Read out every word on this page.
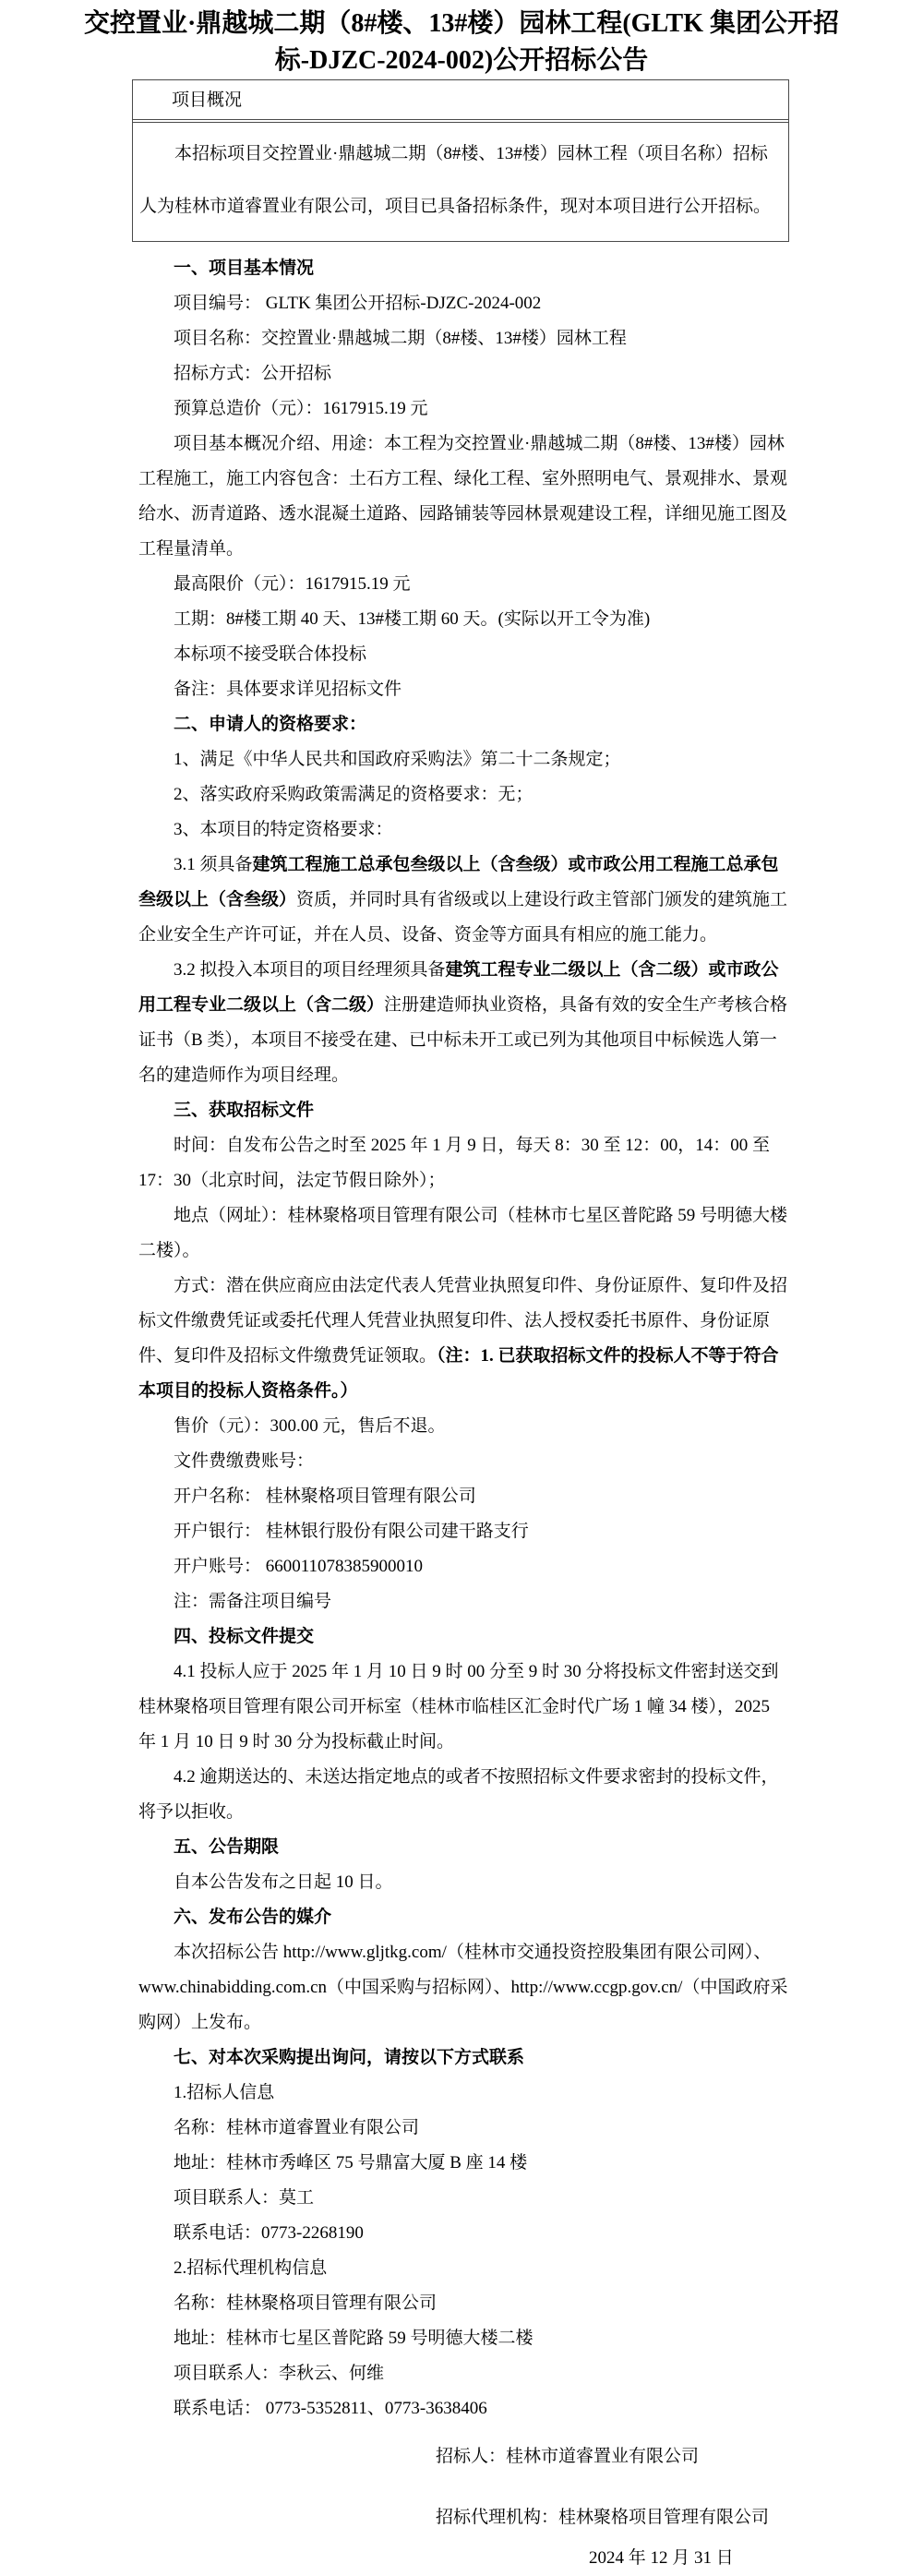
交控置业·鼎越城二期（8#楼、13#楼）园林工程(GLTK 集团公开招标-DJZC-2024-002)公开招标公告
项目概况

本招标项目交控置业·鼎越城二期（8#楼、13#楼）园林工程（项目名称）招标人为桂林市道睿置业有限公司，项目已具备招标条件，现对本项目进行公开招标。

一、项目基本情况

项目编号： GLTK 集团公开招标-DJZC-2024-002

项目名称：交控置业·鼎越城二期（8#楼、13#楼）园林工程

招标方式：公开招标

预算总造价（元）：1617915.19 元

项目基本概况介绍、用途：本工程为交控置业·鼎越城二期（8#楼、13#楼）园林工程施工，施工内容包含：土石方工程、绿化工程、室外照明电气、景观排水、景观给水、沥青道路、透水混凝土道路、园路铺装等园林景观建设工程，详细见施工图及工程量清单。

最高限价（元）：1617915.19 元

工期：8#楼工期 40 天、13#楼工期 60 天。(实际以开工令为准)

本标项不接受联合体投标

备注：具体要求详见招标文件

二、申请人的资格要求：

1、满足《中华人民共和国政府采购法》第二十二条规定；

2、落实政府采购政策需满足的资格要求：无；

3、本项目的特定资格要求：

3.1 须具备建筑工程施工总承包叁级以上（含叁级）或市政公用工程施工总承包叁级以上（含叁级）资质，并同时具有省级或以上建设行政主管部门颁发的建筑施工企业安全生产许可证，并在人员、设备、资金等方面具有相应的施工能力。

3.2 拟投入本项目的项目经理须具备建筑工程专业二级以上（含二级）或市政公用工程专业二级以上（含二级）注册建造师执业资格，具备有效的安全生产考核合格证书（B 类），本项目不接受在建、已中标未开工或已列为其他项目中标候选人第一名的建造师作为项目经理。

三、获取招标文件

时间：自发布公告之时至 2025 年 1 月 9 日，每天 8：30 至 12：00，14：00 至 17：30（北京时间，法定节假日除外）；

地点（网址）：桂林聚格项目管理有限公司（桂林市七星区普陀路 59 号明德大楼二楼）。

方式：潜在供应商应由法定代表人凭营业执照复印件、身份证原件、复印件及招标文件缴费凭证或委托代理人凭营业执照复印件、法人授权委托书原件、身份证原件、复印件及招标文件缴费凭证领取。（注：1. 已获取招标文件的投标人不等于符合本项目的投标人资格条件。）

售价（元）：300.00 元，售后不退。

文件费缴费账号：

开户名称： 桂林聚格项目管理有限公司

开户银行： 桂林银行股份有限公司建干路支行

开户账号： 660011078385900010

注：需备注项目编号

四、投标文件提交

4.1 投标人应于 2025 年 1 月 10 日 9 时 00 分至 9 时 30 分将投标文件密封送交到桂林聚格项目管理有限公司开标室（桂林市临桂区汇金时代广场 1 幢 34 楼），2025 年 1 月 10 日 9 时 30 分为投标截止时间。

4.2 逾期送达的、未送达指定地点的或者不按照招标文件要求密封的投标文件，将予以拒收。

五、公告期限

自本公告发布之日起 10 日。

六、发布公告的媒介

本次招标公告 http://www.gljtkg.com/（桂林市交通投资控股集团有限公司网）、www.chinabidding.com.cn（中国采购与招标网）、http://www.ccgp.gov.cn/（中国政府采购网）上发布。

七、对本次采购提出询问，请按以下方式联系

1.招标人信息

名称：桂林市道睿置业有限公司

地址：桂林市秀峰区 75 号鼎富大厦 B 座 14 楼

项目联系人：莫工

联系电话：0773-2268190

2.招标代理机构信息

名称：桂林聚格项目管理有限公司

地址：桂林市七星区普陀路 59 号明德大楼二楼

项目联系人：李秋云、何维

联系电话： 0773-5352811、0773-3638406

招标人：桂林市道睿置业有限公司

招标代理机构：桂林聚格项目管理有限公司

2024 年 12 月 31 日
